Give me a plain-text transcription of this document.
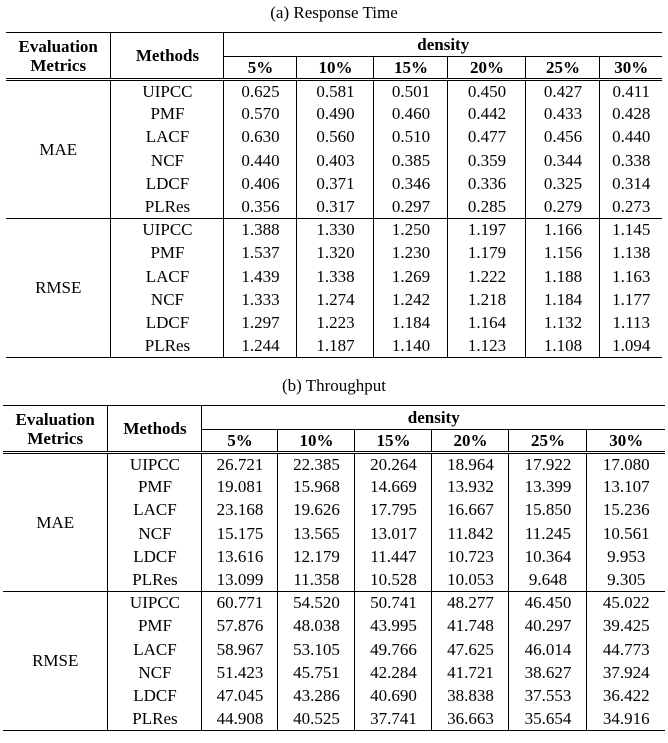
(a) Response Time
Evaluation Metrics	Methods	density					
		5%	10%	15%	20%	25%	30%
MAE	UIPCC	0.625	0.581	0.501	0.450	0.427	0.411
	PMF	0.570	0.490	0.460	0.442	0.433	0.428
	LACF	0.630	0.560	0.510	0.477	0.456	0.440
	NCF	0.440	0.403	0.385	0.359	0.344	0.338
	LDCF	0.406	0.371	0.346	0.336	0.325	0.314
	PLRes	0.356	0.317	0.297	0.285	0.279	0.273
RMSE	UIPCC	1.388	1.330	1.250	1.197	1.166	1.145
	PMF	1.537	1.320	1.230	1.179	1.156	1.138
	LACF	1.439	1.338	1.269	1.222	1.188	1.163
	NCF	1.333	1.274	1.242	1.218	1.184	1.177
	LDCF	1.297	1.223	1.184	1.164	1.132	1.113
	PLRes	1.244	1.187	1.140	1.123	1.108	1.094
(b) Throughput
Evaluation Metrics	Methods	density					
		5%	10%	15%	20%	25%	30%
MAE	UIPCC	26.721	22.385	20.264	18.964	17.922	17.080
	PMF	19.081	15.968	14.669	13.932	13.399	13.107
	LACF	23.168	19.626	17.795	16.667	15.850	15.236
	NCF	15.175	13.565	13.017	11.842	11.245	10.561
	LDCF	13.616	12.179	11.447	10.723	10.364	9.953
	PLRes	13.099	11.358	10.528	10.053	9.648	9.305
RMSE	UIPCC	60.771	54.520	50.741	48.277	46.450	45.022
	PMF	57.876	48.038	43.995	41.748	40.297	39.425
	LACF	58.967	53.105	49.766	47.625	46.014	44.773
	NCF	51.423	45.751	42.284	41.721	38.627	37.924
	LDCF	47.045	43.286	40.690	38.838	37.553	36.422
	PLRes	44.908	40.525	37.741	36.663	35.654	34.916
